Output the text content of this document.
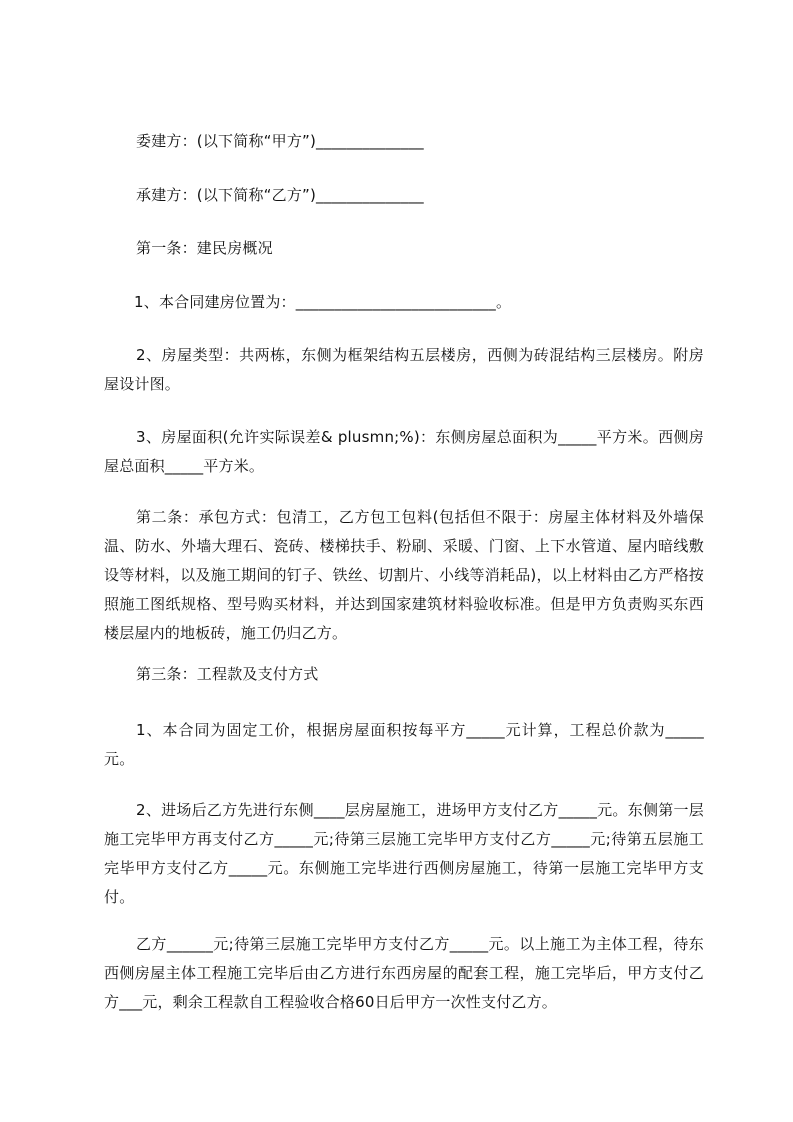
委建方：(以下简称“甲方”)______________
承建方：(以下简称“乙方”)______________
第一条：建民房概况
1、本合同建房位置为：__________________________。
2、房屋类型：共两栋，东侧为框架结构五层楼房，西侧为砖混结构三层楼房。附房屋设计图。
3、房屋面积(允许实际误差& plusmn;%)：东侧房屋总面积为_____平方米。西侧房屋总面积_____平方米。
第二条：承包方式：包清工，乙方包工包料(包括但不限于：房屋主体材料及外墙保温、防水、外墙大理石、瓷砖、楼梯扶手、粉刷、采暖、门窗、上下水管道、屋内暗线敷设等材料，以及施工期间的钉子、铁丝、切割片、小线等消耗品)，以上材料由乙方严格按照施工图纸规格、型号购买材料，并达到国家建筑材料验收标准。但是甲方负责购买东西楼层屋内的地板砖，施工仍归乙方。
第三条：工程款及支付方式
1、本合同为固定工价，根据房屋面积按每平方_____元计算，工程总价款为_____元。
2、进场后乙方先进行东侧____层房屋施工，进场甲方支付乙方_____元。东侧第一层施工完毕甲方再支付乙方_____元;待第三层施工完毕甲方支付乙方_____元;待第五层施工完毕甲方支付乙方_____元。东侧施工完毕进行西侧房屋施工，待第一层施工完毕甲方支付。
乙方______元;待第三层施工完毕甲方支付乙方_____元。以上施工为主体工程，待东西侧房屋主体工程施工完毕后由乙方进行东西房屋的配套工程，施工完毕后，甲方支付乙方___元，剩余工程款自工程验收合格60日后甲方一次性支付乙方。
